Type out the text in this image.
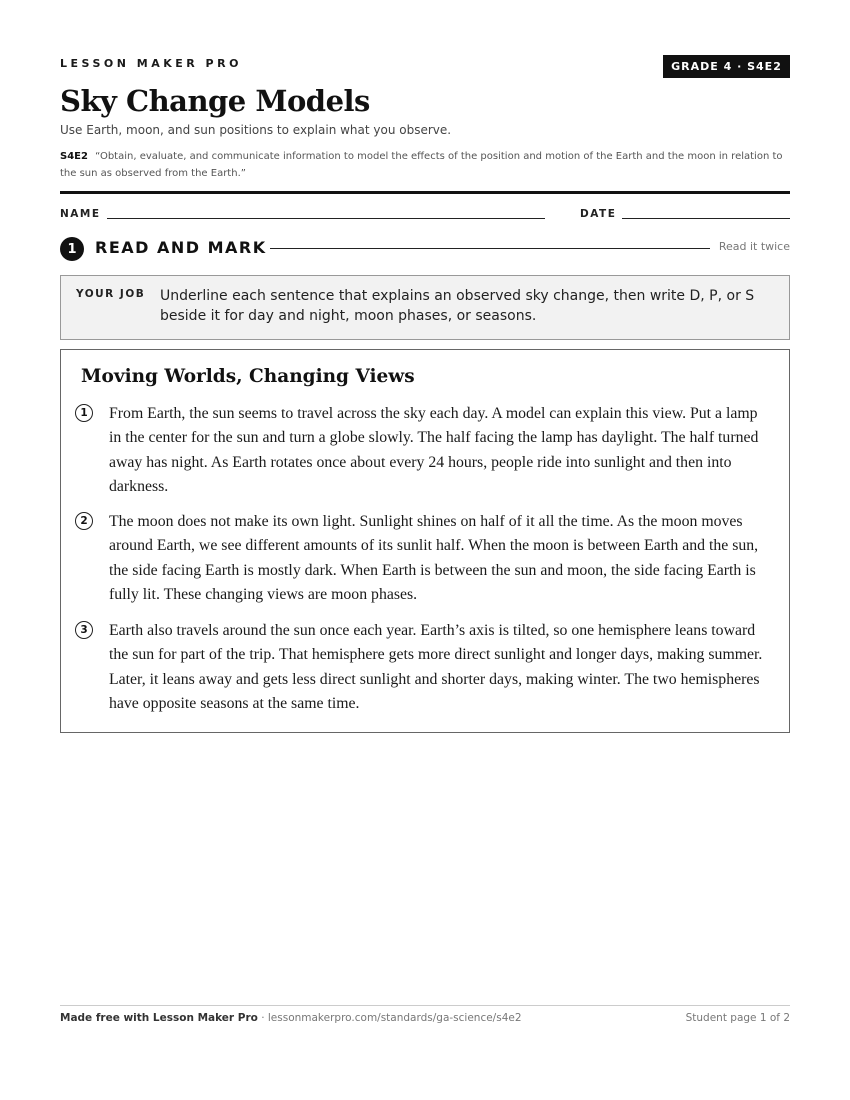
LESSON MAKER PRO	GRADE 4 · S4E2
Sky Change Models
Use Earth, moon, and sun positions to explain what you observe.
S4E2 “Obtain, evaluate, and communicate information to model the effects of the position and motion of the Earth and the moon in relation to the sun as observed from the Earth.”
NAME	DATE
1	READ AND MARK	Read it twice
YOUR JOB Underline each sentence that explains an observed sky change, then write D, P, or S beside it for day and night, moon phases, or seasons.
Moving Worlds, Changing Views
1	From Earth, the sun seems to travel across the sky each day. A model can explain this view. Put a lamp in the center for the sun and turn a globe slowly. The half facing the lamp has daylight. The half turned away has night. As Earth rotates once about every 24 hours, people ride into sunlight and then into darkness.
2	The moon does not make its own light. Sunlight shines on half of it all the time. As the moon moves around Earth, we see different amounts of its sunlit half. When the moon is between Earth and the sun, the side facing Earth is mostly dark. When Earth is between the sun and moon, the side facing Earth is fully lit. These changing views are moon phases.
3	Earth also travels around the sun once each year. Earth’s axis is tilted, so one hemisphere leans toward the sun for part of the trip. That hemisphere gets more direct sunlight and longer days, making summer. Later, it leans away and gets less direct sunlight and shorter days, making winter. The two hemispheres have opposite seasons at the same time.
Made free with Lesson Maker Pro · lessonmakerpro.com/standards/ga-science/s4e2	Student page 1 of 2
